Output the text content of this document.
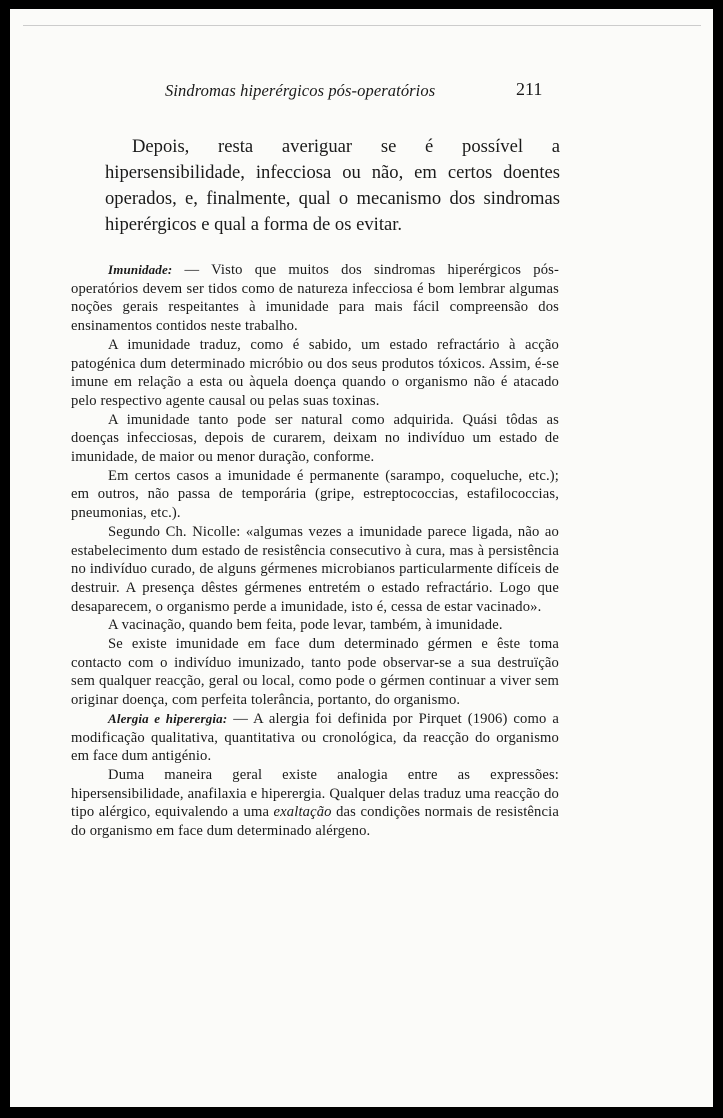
Sindromas hiperérgicos pós-operatórios	211

Depois, resta averiguar se é possível a hipersensibilidade, infecciosa ou não, em certos doentes operados, e, finalmente, qual o mecanismo dos sindromas hiperérgicos e qual a forma de os evitar.

Imunidade: — Visto que muitos dos sindromas hiperérgicos pós-operatórios devem ser tidos como de natureza infecciosa é bom lembrar algumas noções gerais respeitantes à imunidade para mais fácil compreensão dos ensinamentos contidos neste trabalho.

A imunidade traduz, como é sabido, um estado refractário à acção patogénica dum determinado micróbio ou dos seus produtos tóxicos. Assim, é-se imune em relação a esta ou àquela doença quando o organismo não é atacado pelo respectivo agente causal ou pelas suas toxinas.

A imunidade tanto pode ser natural como adquirida. Quási tôdas as doenças infecciosas, depois de curarem, deixam no indivíduo um estado de imunidade, de maior ou menor duração, conforme.

Em certos casos a imunidade é permanente (sarampo, coqueluche, etc.); em outros, não passa de temporária (gripe, estreptococcias, estafilococcias, pneumonias, etc.).

Segundo Ch. Nicolle: «algumas vezes a imunidade parece ligada, não ao estabelecimento dum estado de resistência consecutivo à cura, mas à persistência no indivíduo curado, de alguns gérmenes microbianos particularmente difíceis de destruir. A presença dêstes gérmenes entretém o estado refractário. Logo que desaparecem, o organismo perde a imunidade, isto é, cessa de estar vacinado».

A vacinação, quando bem feita, pode levar, também, à imunidade.

Se existe imunidade em face dum determinado gérmen e êste toma contacto com o indivíduo imunizado, tanto pode observar-se a sua destruïção sem qualquer reacção, geral ou local, como pode o gérmen continuar a viver sem originar doença, com perfeita tolerância, portanto, do organismo.

Alergia e hiperergia: — A alergia foi definida por Pirquet (1906) como a modificação qualitativa, quantitativa ou cronológica, da reacção do organismo em face dum antigénio.

Duma maneira geral existe analogia entre as expressões: hipersensibilidade, anafilaxia e hiperergia. Qualquer delas traduz uma reacção do tipo alérgico, equivalendo a uma exaltação das condições normais de resistência do organismo em face dum determinado alérgeno.
